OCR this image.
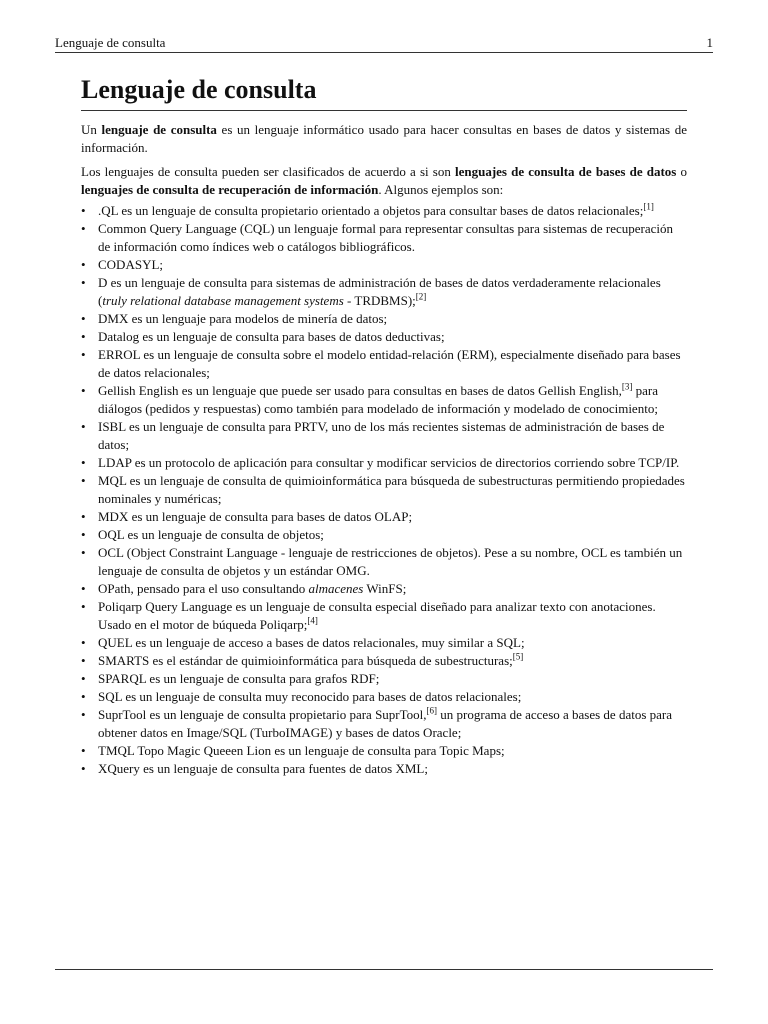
Lenguaje de consulta	1
Lenguaje de consulta

Un lenguaje de consulta es un lenguaje informático usado para hacer consultas en bases de datos y sistemas de información.

Los lenguajes de consulta pueden ser clasificados de acuerdo a si son lenguajes de consulta de bases de datos o lenguajes de consulta de recuperación de información. Algunos ejemplos son:

• .QL es un lenguaje de consulta propietario orientado a objetos para consultar bases de datos relacionales;[1]
• Common Query Language (CQL) un lenguaje formal para representar consultas para sistemas de recuperación de información como índices web o catálogos bibliográficos.
• CODASYL;
• D es un lenguaje de consulta para sistemas de administración de bases de datos verdaderamente relacionales (truly relational database management systems - TRDBMS);[2]
• DMX es un lenguaje para modelos de minería de datos;
• Datalog es un lenguaje de consulta para bases de datos deductivas;
• ERROL es un lenguaje de consulta sobre el modelo entidad-relación (ERM), especialmente diseñado para bases de datos relacionales;
• Gellish English es un lenguaje que puede ser usado para consultas en bases de datos Gellish English,[3] para diálogos (pedidos y respuestas) como también para modelado de información y modelado de conocimiento;
• ISBL es un lenguaje de consulta para PRTV, uno de los más recientes sistemas de administración de bases de datos;
• LDAP es un protocolo de aplicación para consultar y modificar servicios de directorios corriendo sobre TCP/IP.
• MQL es un lenguaje de consulta de quimioinformática para búsqueda de subestructuras permitiendo propiedades nominales y numéricas;
• MDX es un lenguaje de consulta para bases de datos OLAP;
• OQL es un lenguaje de consulta de objetos;
• OCL (Object Constraint Language - lenguaje de restricciones de objetos). Pese a su nombre, OCL es también un lenguaje de consulta de objetos y un estándar OMG.
• OPath, pensado para el uso consultando almacenes WinFS;
• Poliqarp Query Language es un lenguaje de consulta especial diseñado para analizar texto con anotaciones. Usado en el motor de búqueda Poliqarp;[4]
• QUEL es un lenguaje de acceso a bases de datos relacionales, muy similar a SQL;
• SMARTS es el estándar de quimioinformática para búsqueda de subestructuras;[5]
• SPARQL es un lenguaje de consulta para grafos RDF;
• SQL es un lenguaje de consulta muy reconocido para bases de datos relacionales;
• SuprTool es un lenguaje de consulta propietario para SuprTool,[6] un programa de acceso a bases de datos para obtener datos en Image/SQL (TurboIMAGE) y bases de datos Oracle;
• TMQL Topo Magic Queeen Lion es un lenguaje de consulta para Topic Maps;
• XQuery es un lenguaje de consulta para fuentes de datos XML;
